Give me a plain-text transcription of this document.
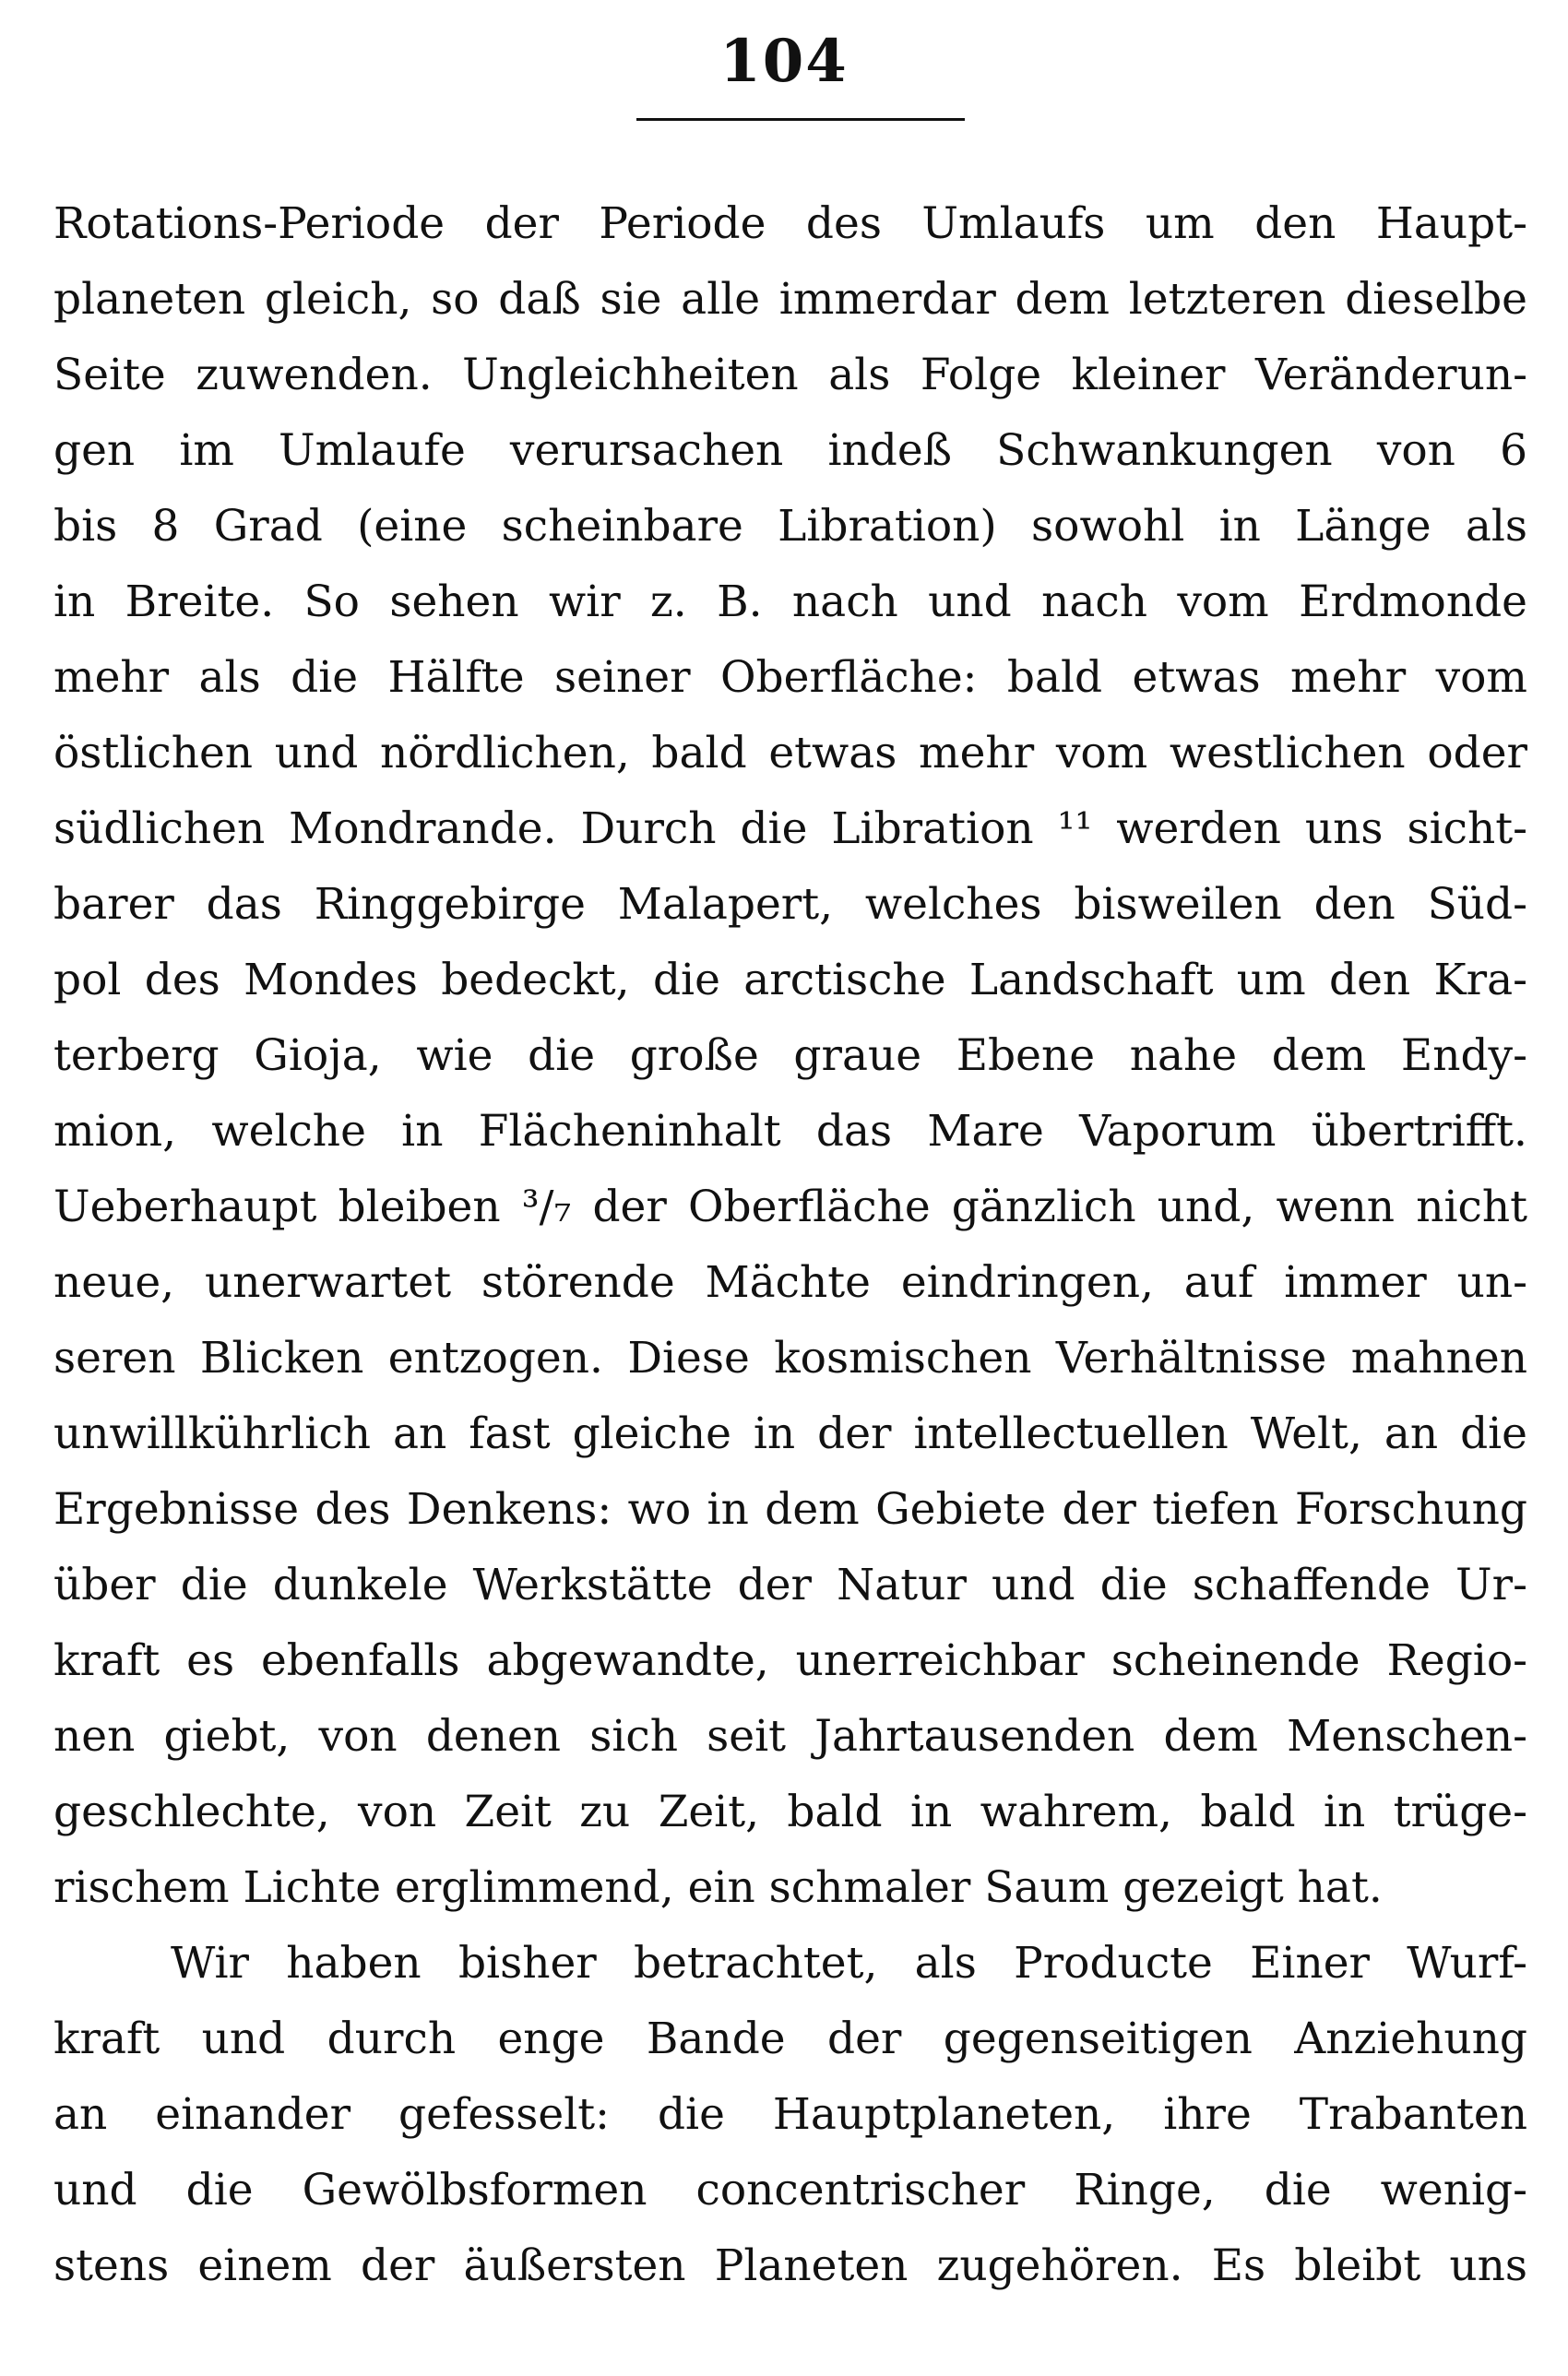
104
Rotations-Periode der Periode des Umlaufs um den Haupt-
planeten gleich, so daß sie alle immerdar dem letzteren dieselbe
Seite zuwenden. Ungleichheiten als Folge kleiner Veränderun-
gen im Umlaufe verursachen indeß Schwankungen von 6
bis 8 Grad (eine scheinbare Libration) sowohl in Länge als
in Breite. So sehen wir z. B. nach und nach vom Erdmonde
mehr als die Hälfte seiner Oberfläche: bald etwas mehr vom
östlichen und nördlichen, bald etwas mehr vom westlichen oder
südlichen Mondrande. Durch die Libration ¹¹ werden uns sicht-
barer das Ringgebirge Malapert, welches bisweilen den Süd-
pol des Mondes bedeckt, die arctische Landschaft um den Kra-
terberg Gioja, wie die große graue Ebene nahe dem Endy-
mion, welche in Flächeninhalt das Mare Vaporum übertrifft.
Ueberhaupt bleiben ³/₇ der Oberfläche gänzlich und, wenn nicht
neue, unerwartet störende Mächte eindringen, auf immer un-
seren Blicken entzogen. Diese kosmischen Verhältnisse mahnen
unwillkührlich an fast gleiche in der intellectuellen Welt, an die
Ergebnisse des Denkens: wo in dem Gebiete der tiefen Forschung
über die dunkele Werkstätte der Natur und die schaffende Ur-
kraft es ebenfalls abgewandte, unerreichbar scheinende Regio-
nen giebt, von denen sich seit Jahrtausenden dem Menschen-
geschlechte, von Zeit zu Zeit, bald in wahrem, bald in trüge-
rischem Lichte erglimmend, ein schmaler Saum gezeigt hat.
Wir haben bisher betrachtet, als Producte Einer Wurf-
kraft und durch enge Bande der gegenseitigen Anziehung
an einander gefesselt: die Hauptplaneten, ihre Trabanten
und die Gewölbsformen concentrischer Ringe, die wenig-
stens einem der äußersten Planeten zugehören. Es bleibt uns
